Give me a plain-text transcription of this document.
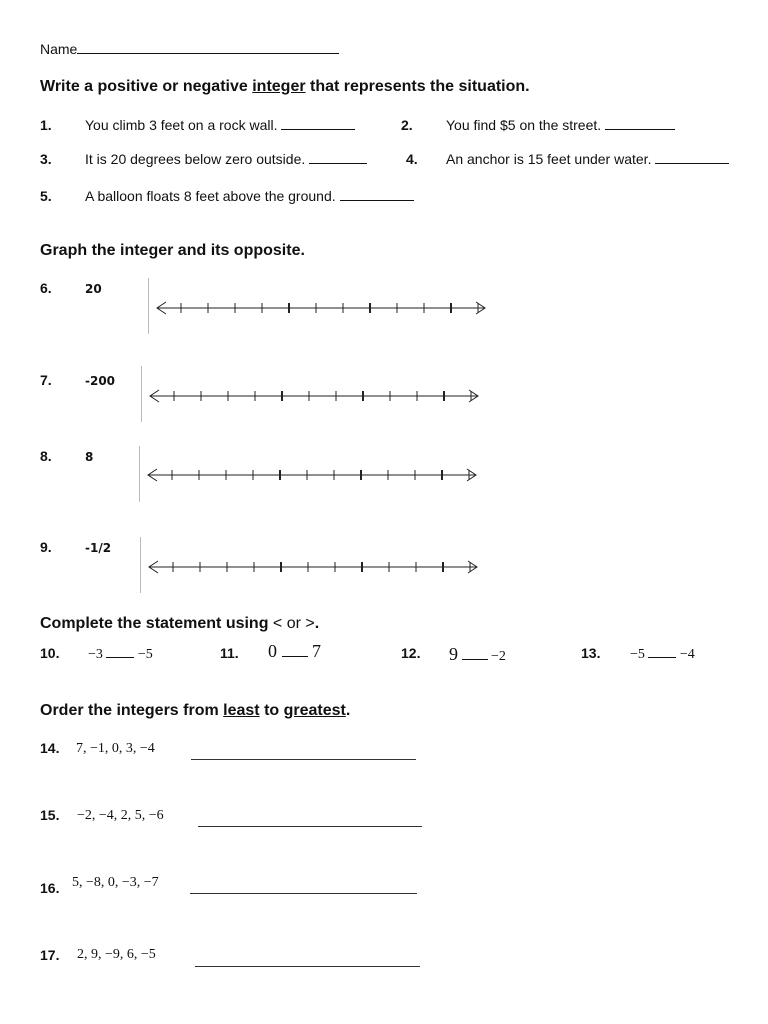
Name
Write a positive or negative integer that represents the situation.
1. You climb 3 feet on a rock wall.	2. You find $5 on the street.
3. It is 20 degrees below zero outside.	4. An anchor is 15 feet under water.
5. A balloon floats 8 feet above the ground.
Graph the integer and its opposite.
6.	20
7.	-200
8.	8
9.	-1/2
Complete the statement using < or >.
10. −3	−5	11. 0 7	12. 9 −2	13. −5	−4
Order the integers from least to greatest.
14. 7, −1, 0, 3, −4
15. −2, −4, 2, 5, −6
16. 5, −8, 0, −3, −7
17. 2, 9, −9, 6, −5
